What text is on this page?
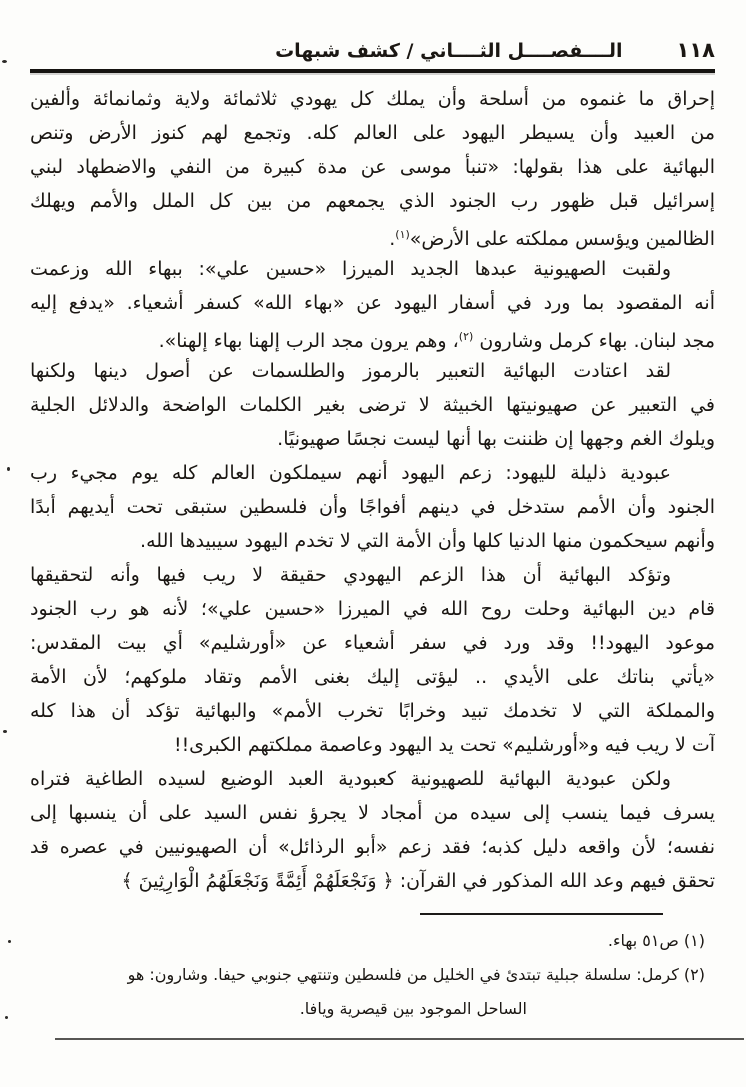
١١٨
الــــفصــــل الثــــاني / كشف شبهات
إحراق ما غنموه من أسلحة وأن يملك كل يهودي ثلاثمائة ولاية وثمانمائة وألفين
من العبيد وأن يسيطر اليهود على العالم كله. وتجمع لهم كنوز الأرض وتنص
البهائية على هذا بقولها: «تنبأ موسى عن مدة كبيرة من النفي والاضطهاد لبني
إسرائيل قبل ظهور رب الجنود الذي يجمعهم من بين كل الملل والأمم ويهلك
الظالمين ويؤسس مملكته على الأرض»$^{(١)}$.
ولقبت الصهيونية عبدها الجديد الميرزا «حسين علي»: ببهاء الله وزعمت
أنه المقصود بما ورد في أسفار اليهود عن «بهاء الله» كسفر أشعياء. «يدفع إليه
مجد لبنان. بهاء كرمل وشارون $^{(٢)}$، وهم يرون مجد الرب إلهنا بهاء إلهنا».
لقد اعتادت البهائية التعبير بالرموز والطلسمات عن أصول دينها ولكنها
في التعبير عن صهيونيتها الخبيثة لا ترضى بغير الكلمات الواضحة والدلائل الجلية
ويلوك الغم وجهها إن ظننت بها أنها ليست نجسًا صهيونيًا.
عبودية ذليلة لليهود: زعم اليهود أنهم سيملكون العالم كله يوم مجيء رب
الجنود وأن الأمم ستدخل في دينهم أفواجًا وأن فلسطين ستبقى تحت أيديهم أبدًا
وأنهم سيحكمون منها الدنيا كلها وأن الأمة التي لا تخدم اليهود سيبيدها الله.
وتؤكد البهائية أن هذا الزعم اليهودي حقيقة لا ريب فيها وأنه لتحقيقها
قام دين البهائية وحلت روح الله في الميرزا «حسين علي»؛ لأنه هو رب الجنود
موعود اليهود!! وقد ورد في سفر أشعياء عن «أورشليم» أي بيت المقدس:
«يأتي بناتك على الأيدي .. ليؤتى إليك بغنى الأمم وتقاد ملوكهم؛ لأن الأمة
والمملكة التي لا تخدمك تبيد وخرابًا تخرب الأمم» والبهائية تؤكد أن هذا كله
آت لا ريب فيه و«أورشليم» تحت يد اليهود وعاصمة مملكتهم الكبرى!!
ولكن عبودية البهائية للصهيونية كعبودية العبد الوضيع لسيده الطاغية فتراه
يسرف فيما ينسب إلى سيده من أمجاد لا يجرؤ نفس السيد على أن ينسبها إلى
نفسه؛ لأن واقعه دليل كذبه؛ فقد زعم «أبو الرذائل» أن الصهيونيين في عصره قد
تحقق فيهم وعد الله المذكور في القرآن: ﴿ وَنَجْعَلَهُمْ أَئِمَّةً وَنَجْعَلَهُمُ الْوَارِثِينَ ﴾
(١) ص٥١ بهاء.
(٢) كرمل: سلسلة جبلية تبتدئ في الخليل من فلسطين وتنتهي جنوبي حيفا. وشارون: هو
الساحل الموجود بين قيصرية ويافا.
